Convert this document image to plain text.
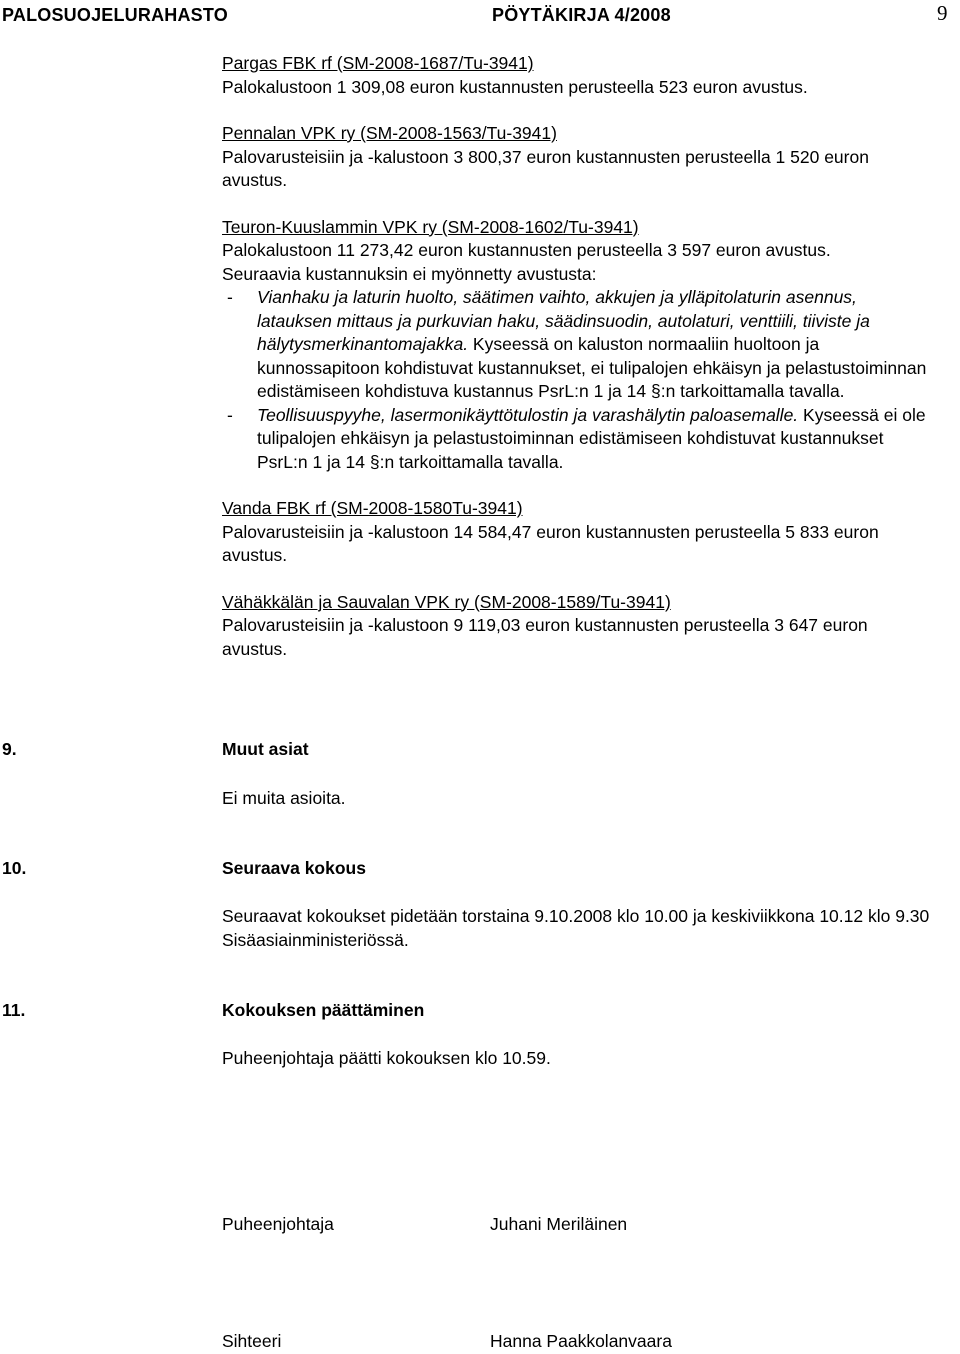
PALOSUOJELURAHASTO	PÖYTÄKIRJA 4/2008	9

Pargas FBK rf (SM-2008-1687/Tu-3941)

Palokalustoon 1 309,08 euron kustannusten perusteella 523 euron avustus.

Pennalan VPK ry (SM-2008-1563/Tu-3941)

Palovarusteisiin ja -kalustoon 3 800,37 euron kustannusten perusteella 1 520 euron avustus.

Teuron-Kuuslammin VPK ry (SM-2008-1602/Tu-3941)

Palokalustoon 11 273,42 euron kustannusten perusteella 3 597 euron avustus.

Seuraavia kustannuksin ei myönnetty avustusta:

- Vianhaku ja laturin huolto, säätimen vaihto, akkujen ja ylläpitolaturin asennus, latauksen mittaus ja purkuvian haku, säädinsuodin, autolaturi, venttiili, tiiviste ja hälytysmerkinantomajakka. Kyseessä on kaluston normaaliin huoltoon ja kunnossapitoon kohdistuvat kustannukset, ei tulipalojen ehkäisyn ja pelastustoiminnan edistämiseen kohdistuva kustannus PsrL:n 1 ja 14 §:n tarkoittamalla tavalla.
- Teollisuuspyyhe, lasermonikäyttötulostin ja varashälytin paloasemalle. Kyseessä ei ole tulipalojen ehkäisyn ja pelastustoiminnan edistämiseen kohdistuvat kustannukset PsrL:n 1 ja 14 §:n tarkoittamalla tavalla.

Vanda FBK rf (SM-2008-1580Tu-3941)

Palovarusteisiin ja -kalustoon 14 584,47 euron kustannusten perusteella 5 833 euron avustus.

Vähäkkälän ja Sauvalan VPK ry (SM-2008-1589/Tu-3941)

Palovarusteisiin ja -kalustoon 9 119,03 euron kustannusten perusteella 3 647 euron avustus.

9.	Muut asiat
Ei muita asioita.
10.	Seuraava kokous
Seuraavat kokoukset pidetään torstaina 9.10.2008 klo 10.00 ja keskiviikkona 10.12 klo 9.30 Sisäasiainministeriössä.
11.	Kokouksen päättäminen
Puheenjohtaja päätti kokouksen klo 10.59.
Puheenjohtaja	Juhani Meriläinen
Sihteeri	Hanna Paakkolanvaara
